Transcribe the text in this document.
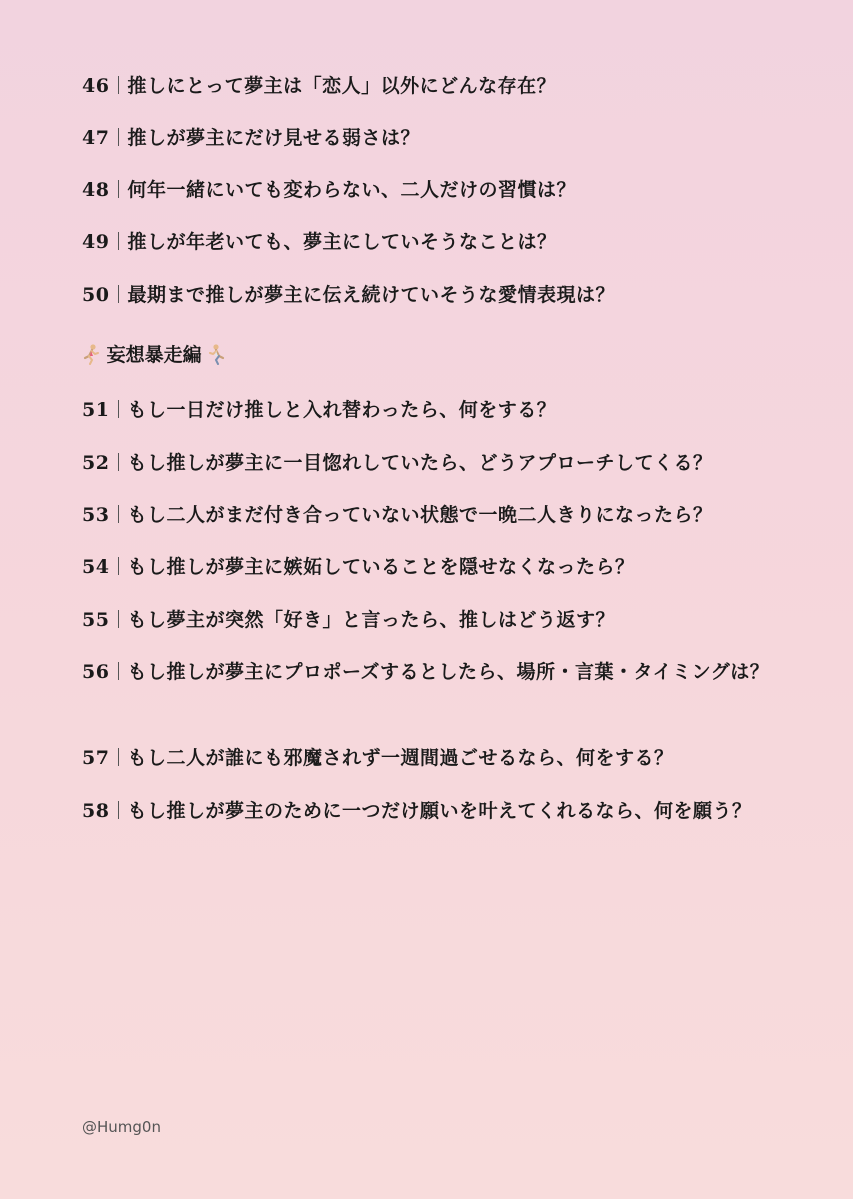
46 推しにとって夢主は「恋人」以外にどんな存在？
47 推しが夢主にだけ見せる弱さは？
48 何年一緒にいても変わらない、二人だけの習慣は？
49 推しが年老いても、夢主にしていそうなことは？
50 最期まで推しが夢主に伝え続けていそうな愛情表現は？
妄想暴走編
51 もし一日だけ推しと入れ替わったら、何をする？
52 もし推しが夢主に一目惚れしていたら、どうアプローチしてくる？
53 もし二人がまだ付き合っていない状態で一晩二人きりになったら？
54 もし推しが夢主に嫉妬していることを隠せなくなったら？
55 もし夢主が突然「好き」と言ったら、推しはどう返す？
56 もし推しが夢主にプロポーズするとしたら、場所・言葉・タイミングは？
57 もし二人が誰にも邪魔されず一週間過ごせるなら、何をする？
58 もし推しが夢主のために一つだけ願いを叶えてくれるなら、何を願う？
@Humg0n
